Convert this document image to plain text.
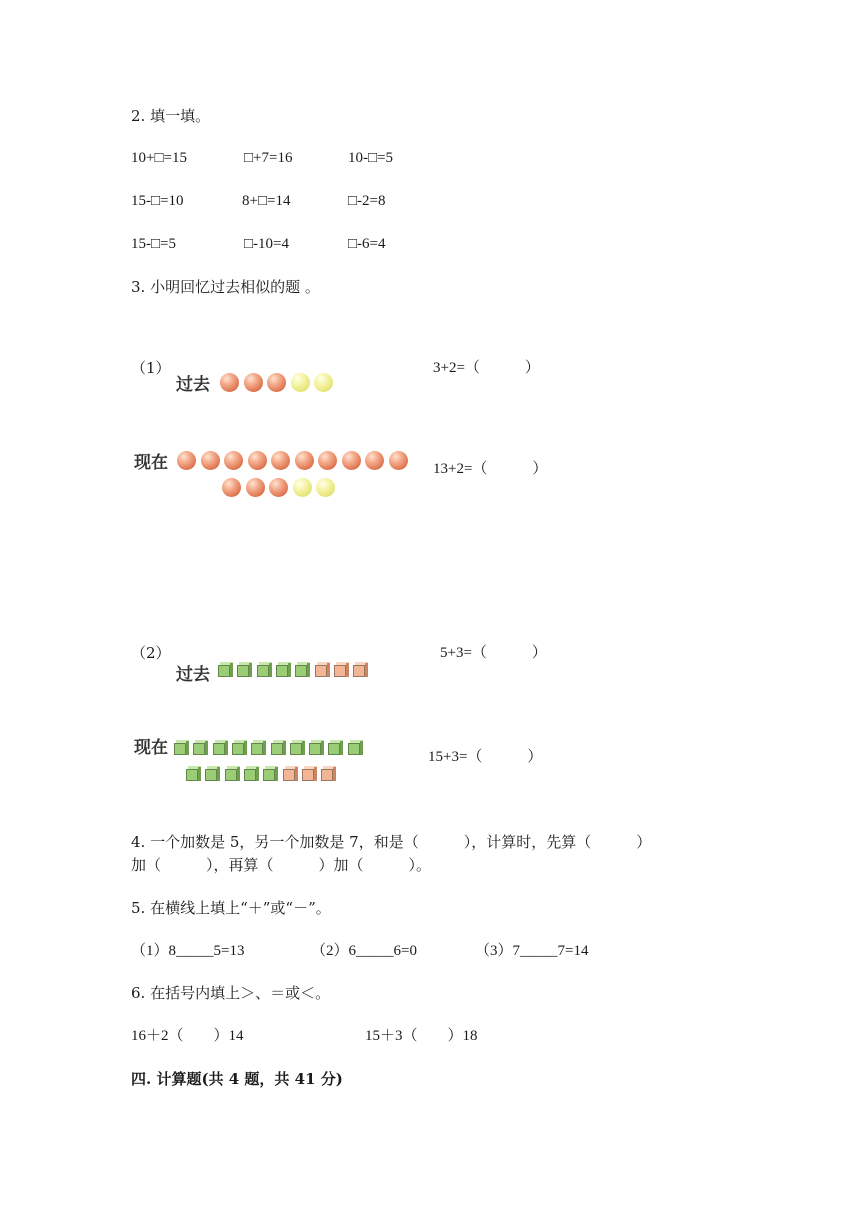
2. 填一填。
10+□=15	□+7=16	10-□=5
15-□=10	8+□=14	□-2=8
15-□=5	□-10=4	□-6=4
3. 小明回忆过去相似的题 。
（1）
过去
3+2=（　　　）
现在	13+2=（　　　）
（2）
过去
5+3=（　　　）
现在	15+3=（　　　）
4. 一个加数是 5，另一个加数是 7，和是（　　　），计算时，先算（　　　）
加（　　　），再算（　　　）加（　　　）。
5. 在横线上填上“＋”或“－”。
（1）8_____5=13	（2）6_____6=0	（3）7_____7=14
6. 在括号内填上＞、＝或＜。
16＋2（　　）14	15＋3（　　）18
四. 计算题(共 4 题，共 41 分)
